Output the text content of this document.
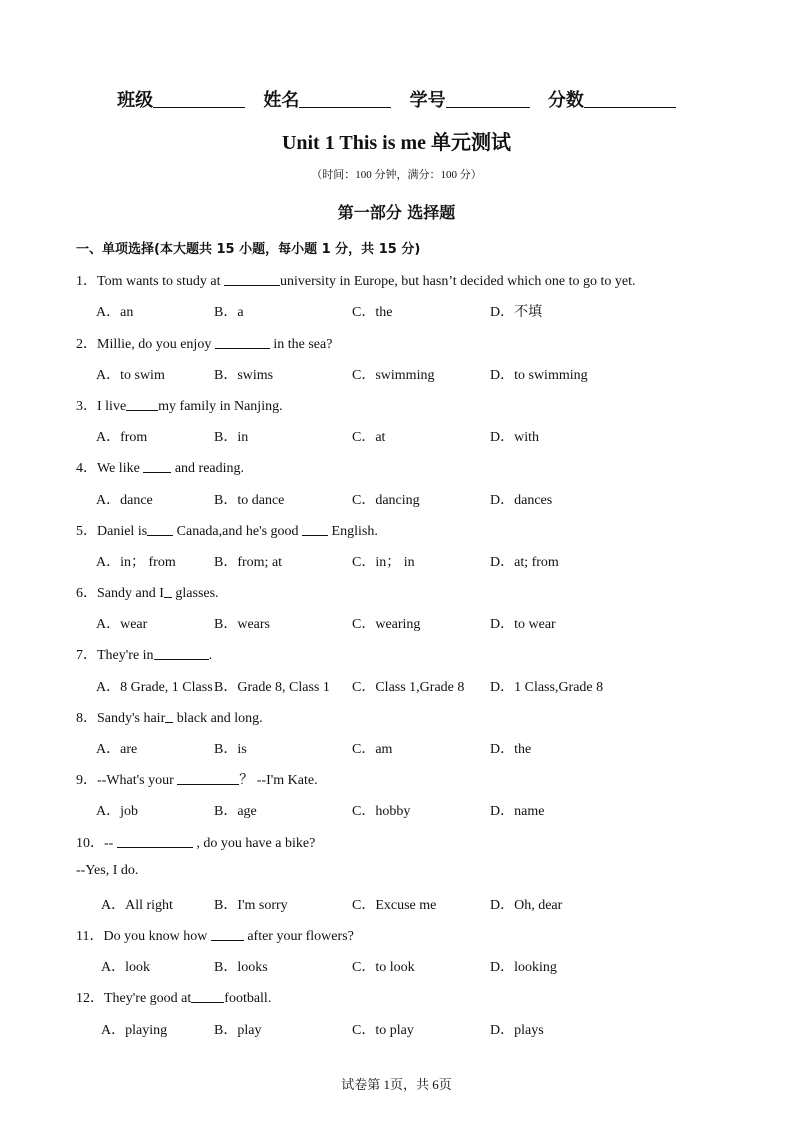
班级	姓名	学号	分数
Unit 1 This is me 单元测试
（时间：100 分钟，满分：100 分）
第一部分 选择题
一、单项选择(本大题共 15 小题，每小题 1 分，共 15 分)
1．Tom wants to study at	university in Europe, but hasn’t decided which one to go to yet.
A．an	B．a	C．the	D．不填
2．Millie, do you enjoy	in the sea?
A．to swim	B．swims	C．swimming	D．to swimming
3．I live my family in Nanjing.
A．from	B．in	C．at	D．with
4．We like  and reading.
A．dance	B．to dance	C．dancing	D．dances
5．Daniel is Canada,and he's good  English.
A．in； from	B．from; at	C．in； in	D．at; from
6．Sandy and I glasses.
A．wear	B．wears	C．wearing	D．to wear
7．They're in	.
A．8 Grade, 1 Class B．Grade 8, Class 1 C．Class 1,Grade 8 D．1 Class,Grade 8
8．Sandy's hair black and long.
A．are	B．is	C．am	D．the
9．--What's your	？ --I'm Kate.
A．job	B．age	C．hobby	D．name
10．--	, do you have a bike?
--Yes, I do.
A．All right	B．I'm sorry	C．Excuse me	D．Oh, dear
11．Do you know how  after your flowers?
A．look	B．looks	C．to look	D．looking
12．They're good at football.
A．playing	B．play	C．to play	D．plays
试卷第 1页，共 6页
